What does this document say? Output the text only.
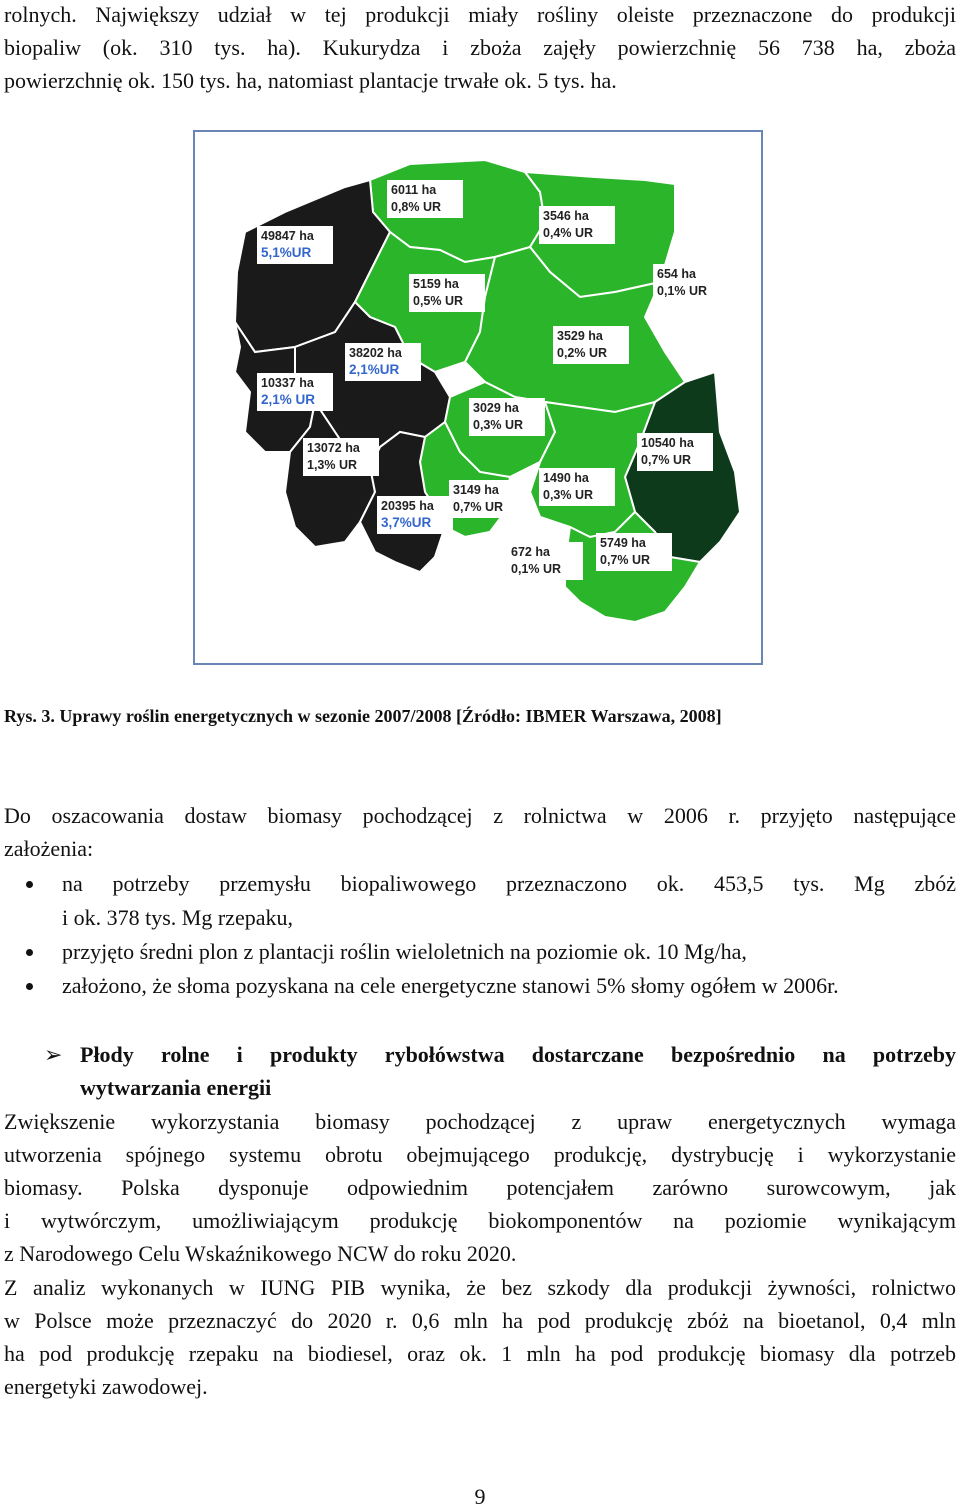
rolnych. Największy udział w tej produkcji miały rośliny oleiste przeznaczone do produkcji
biopaliw (ok. 310 tys. ha). Kukurydza i zboża zajęły powierzchnię 56 738 ha, zboża
powierzchnię ok. 150 tys. ha, natomiast plantacje trwałe ok. 5 tys. ha.
6011 ha
0,8% UR
3546 ha
0,4% UR
49847 ha
5,1%UR
654 ha
0,1% UR
5159 ha
0,5% UR
3529 ha
0,2% UR
38202 ha
2,1%UR
10337 ha
2,1% UR
3029 ha
0,3% UR
10540 ha
0,7% UR
13072 ha
1,3% UR
1490 ha
0,3% UR
3149 ha
0,7% UR
20395 ha
3,7%UR
672 ha
0,1% UR
5749 ha
0,7% UR
Rys. 3. Uprawy roślin energetycznych w sezonie 2007/2008 [Źródło: IBMER Warszawa, 2008]
Do oszacowania dostaw biomasy pochodzącej z rolnictwa w 2006 r. przyjęto następujące
założenia:
na potrzeby przemysłu biopaliwowego przeznaczono ok. 453,5 tys. Mg zbóż
i ok. 378 tys. Mg rzepaku,
przyjęto średni plon z plantacji roślin wieloletnich na poziomie ok. 10 Mg/ha,
założono, że słoma pozyskana na cele energetyczne stanowi 5% słomy ogółem w 2006r.
➢ Płody rolne i produkty rybołówstwa dostarczane bezpośrednio na potrzeby
wytwarzania energii
Zwiększenie wykorzystania biomasy pochodzącej z upraw energetycznych wymaga
utworzenia spójnego systemu obrotu obejmującego produkcję, dystrybucję i wykorzystanie
biomasy. Polska dysponuje odpowiednim potencjałem zarówno surowcowym, jak
i wytwórczym, umożliwiającym produkcję biokomponentów na poziomie wynikającym
z Narodowego Celu Wskaźnikowego NCW do roku 2020.
Z analiz wykonanych w IUNG PIB wynika, że bez szkody dla produkcji żywności, rolnictwo
w Polsce może przeznaczyć do 2020 r. 0,6 mln ha pod produkcję zbóż na bioetanol, 0,4 mln
ha pod produkcję rzepaku na biodiesel, oraz ok. 1 mln ha pod produkcję biomasy dla potrzeb
energetyki zawodowej.
9
